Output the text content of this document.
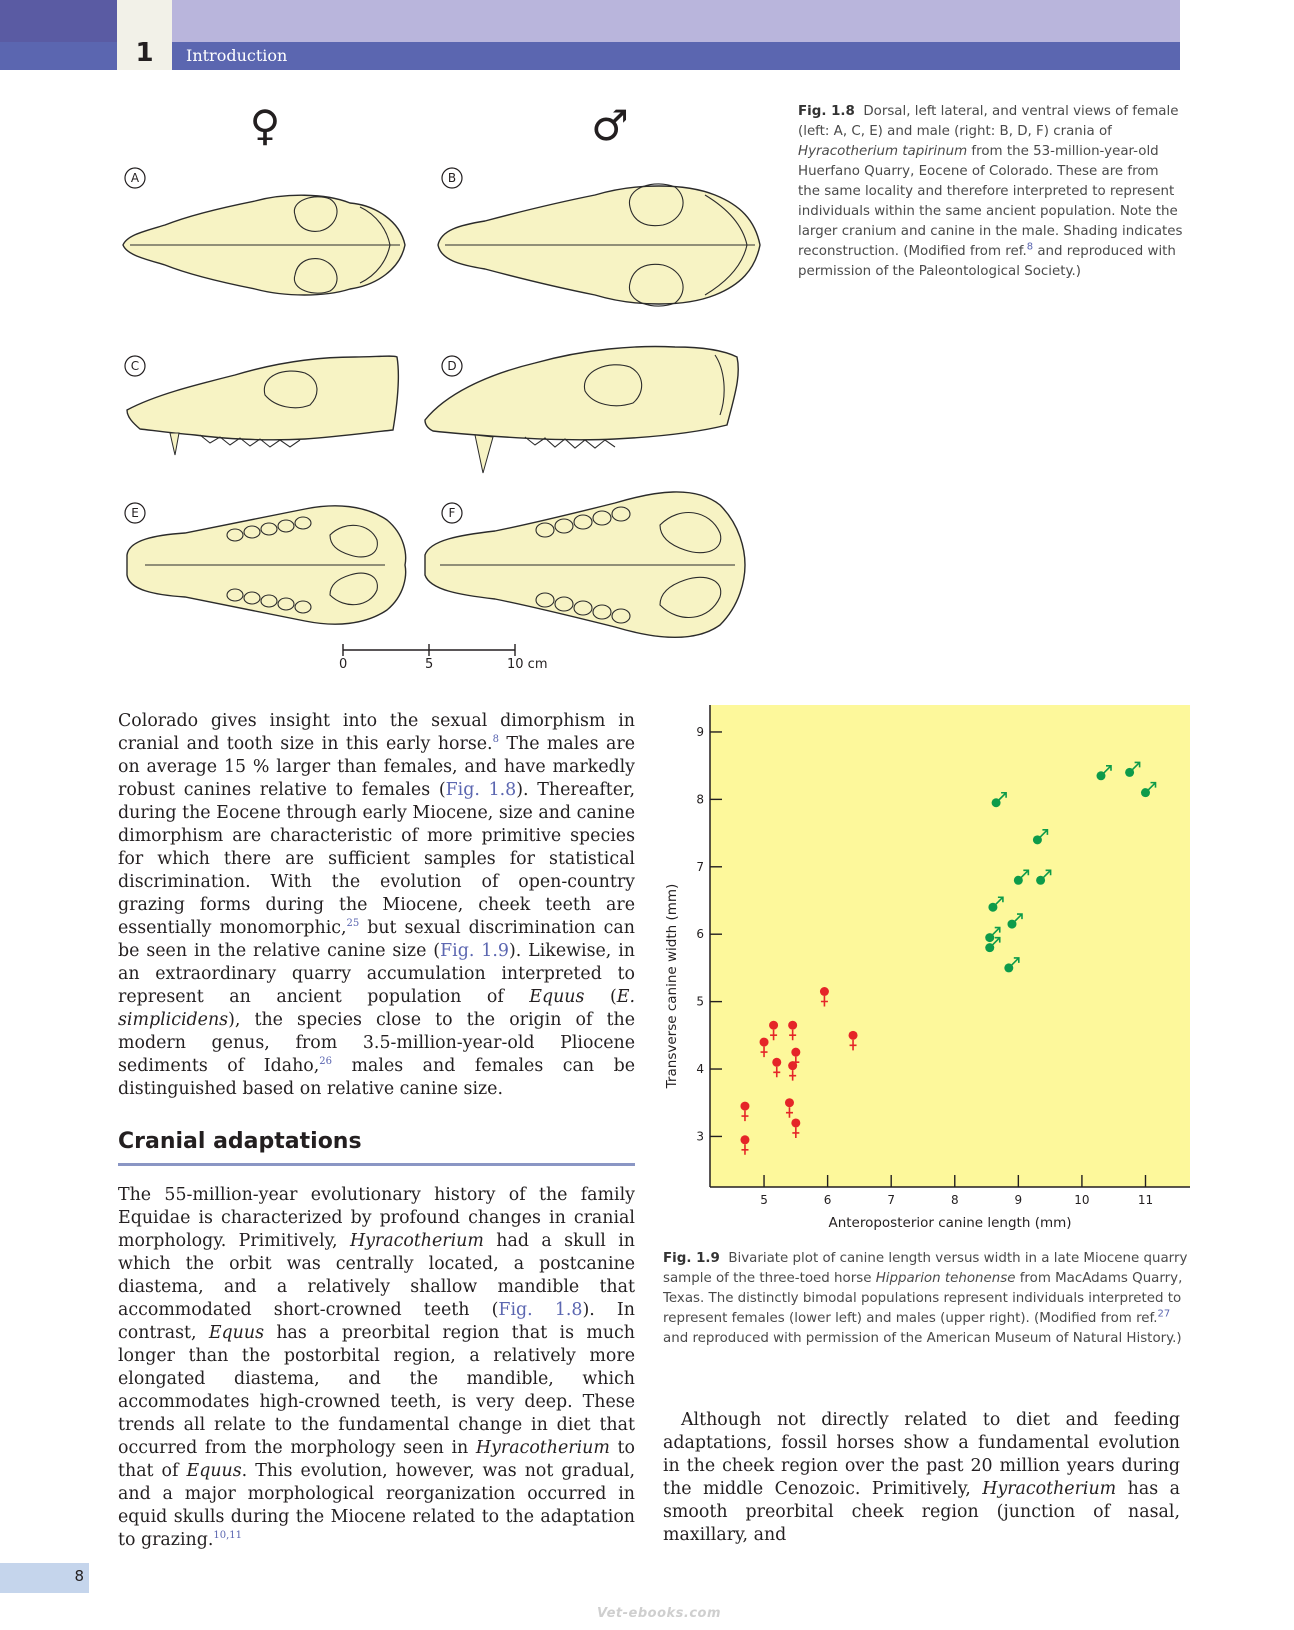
1	Introduction
♀	♂
A	B
C	D
E	F
0	5	10 cm
Fig. 1.8 Dorsal, left lateral, and ventral views of female (left: A, C, E) and male (right: B, D, F) crania of Hyracotherium tapirinum from the 53-million-year-old Huerfano Quarry, Eocene of Colorado. These are from the same locality and therefore interpreted to represent individuals within the same ancient population. Note the larger cranium and canine in the male. Shading indicates reconstruction. (Modified from ref.$^8$ and reproduced with permission of the Paleontological Society.)
Colorado gives insight into the sexual dimorphism in cranial and tooth size in this early horse.$^8$ The males are on average 15 % larger than females, and have markedly robust canines relative to females (Fig. 1.8). Thereafter, during the Eocene through early Miocene, size and canine dimorphism are characteristic of more primitive species for which there are sufficient samples for statistical discrimination. With the evolution of open-country grazing forms during the Miocene, cheek teeth are essentially monomorphic,$^{25}$ but sexual discrimination can be seen in the relative canine size (Fig. 1.9). Likewise, in an extraordinary quarry accumulation interpreted to represent an ancient population of Equus (E. simplicidens), the species close to the origin of the modern genus, from 3.5-million-year-old Pliocene sediments of Idaho,$^{26}$ males and females can be distinguished based on relative canine size.
Cranial adaptations
The 55-million-year evolutionary history of the family Equidae is characterized by profound changes in cranial morphology. Primitively, Hyracotherium had a skull in which the orbit was centrally located, a postcanine diastema, and a relatively shallow mandible that accommodated short-crowned teeth (Fig. 1.8). In contrast, Equus has a preorbital region that is much longer than the postorbital region, a relatively more elongated diastema, and the mandible, which accommodates high-crowned teeth, is very deep. These trends all relate to the fundamental change in diet that occurred from the morphology seen in Hyracotherium to that of Equus. This evolution, however, was not gradual, and a major morphological reorganization occurred in equid skulls during the Miocene related to the adaptation to grazing.$^{10,11}$
3
4
5
6
7
8
9
5	6	7	8	9	10	11
Anteroposterior canine length (mm)
Transverse canine width (mm)
Fig. 1.9 Bivariate plot of canine length versus width in a late Miocene quarry sample of the three-toed horse Hipparion tehonense from MacAdams Quarry, Texas. The distinctly bimodal populations represent individuals interpreted to represent females (lower left) and males (upper right). (Modified from ref.$^{27}$ and reproduced with permission of the American Museum of Natural History.)
Although not directly related to diet and feeding adaptations, fossil horses show a fundamental evolution in the cheek region over the past 20 million years during the middle Cenozoic. Primitively, Hyracotherium has a smooth preorbital cheek region (junction of nasal, maxillary, and
8
Vet-ebooks.com
